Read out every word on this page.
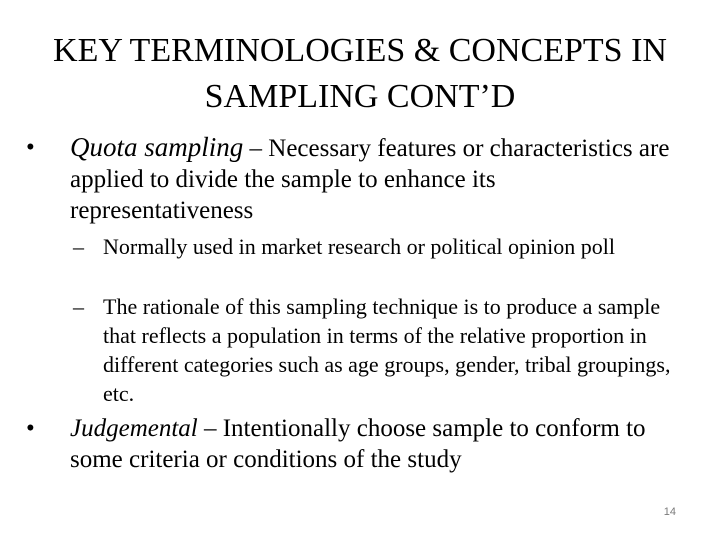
KEY TERMINOLOGIES & CONCEPTS IN SAMPLING CONT’D
• Quota sampling – Necessary features or characteristics are applied to divide the sample to enhance its representativeness
– Normally used in market research or political opinion poll
– The rationale of this sampling technique is to produce a sample that reflects a population in terms of the relative proportion in different categories such as age groups, gender, tribal groupings, etc.
• Judgemental – Intentionally choose sample to conform to some criteria or conditions of the study
14
